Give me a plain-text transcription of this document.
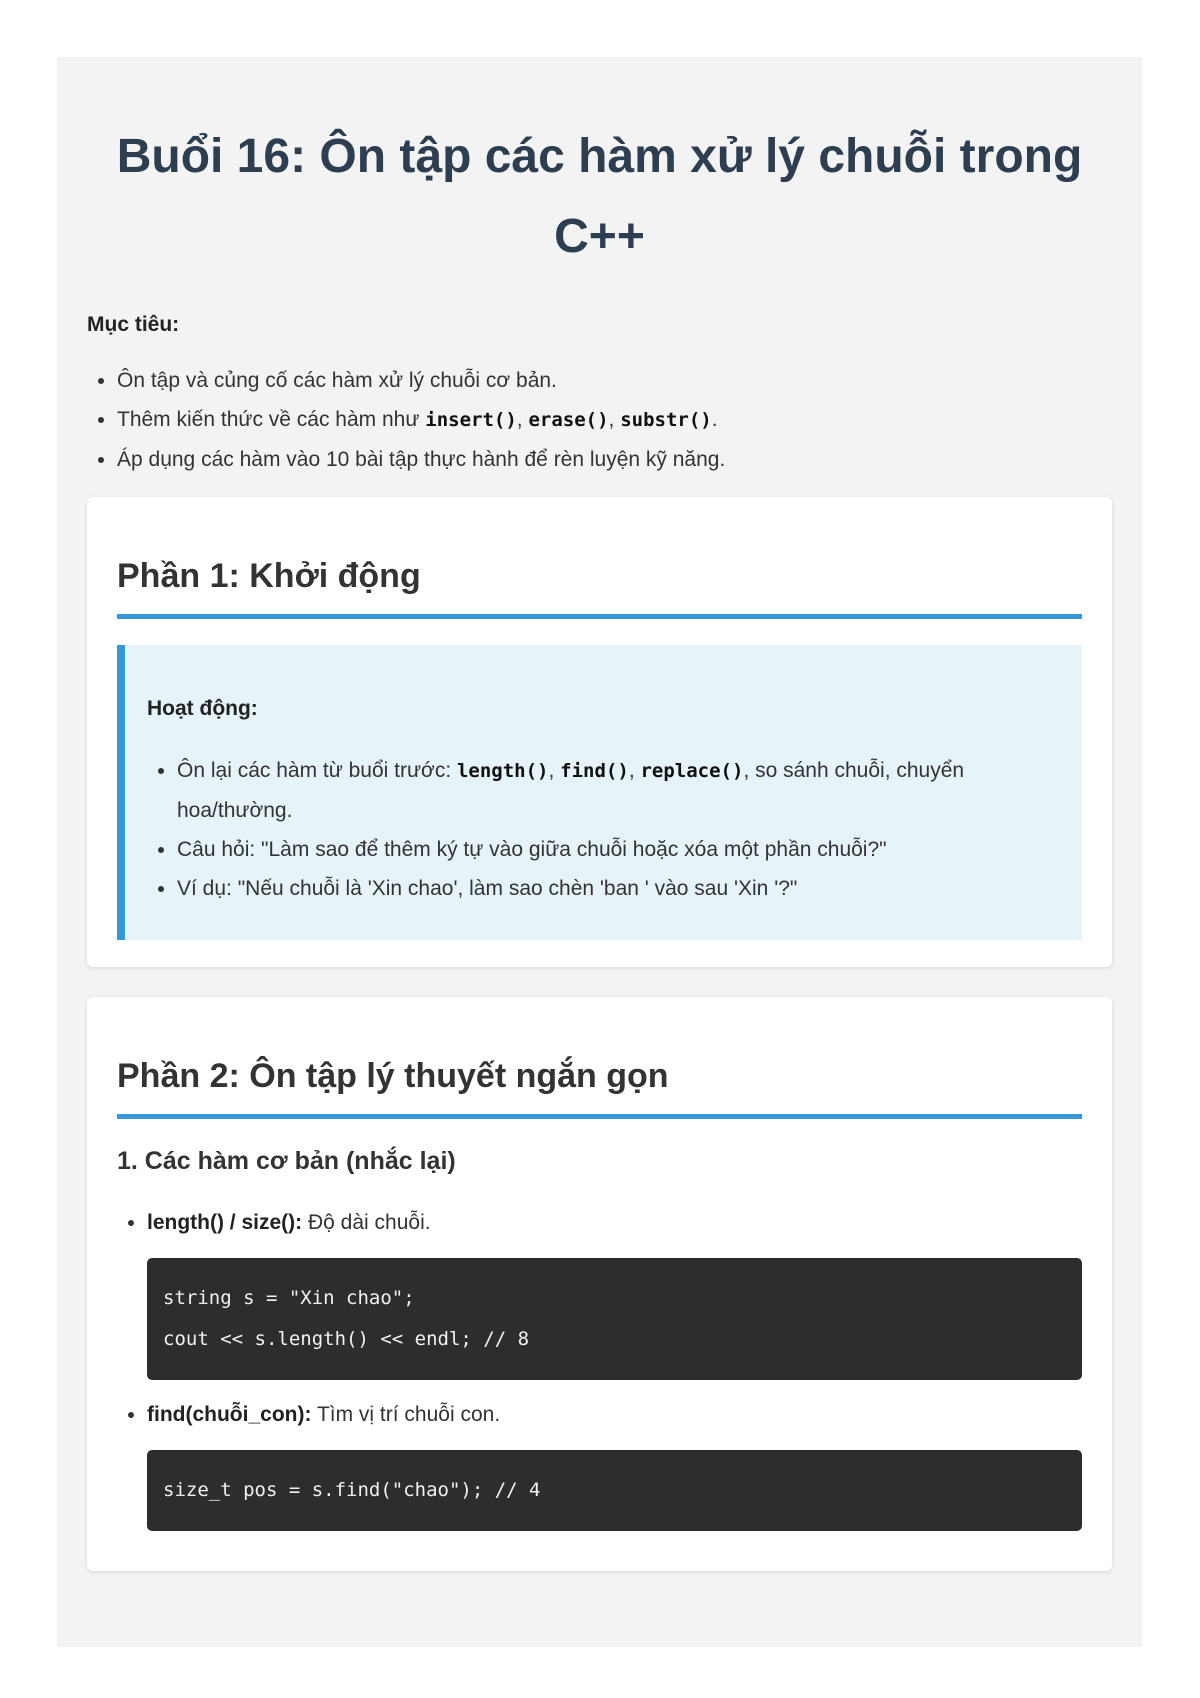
Buổi 16: Ôn tập các hàm xử lý chuỗi trong C++

Mục tiêu:

• Ôn tập và củng cố các hàm xử lý chuỗi cơ bản.
• Thêm kiến thức về các hàm như insert(), erase(), substr().
• Áp dụng các hàm vào 10 bài tập thực hành để rèn luyện kỹ năng.
Phần 1: Khởi động
Hoạt động:
• Ôn lại các hàm từ buổi trước: length(), find(), replace(), so sánh chuỗi, chuyển hoa/thường.
• Câu hỏi: "Làm sao để thêm ký tự vào giữa chuỗi hoặc xóa một phần chuỗi?"
• Ví dụ: "Nếu chuỗi là 'Xin chao', làm sao chèn 'ban ' vào sau 'Xin '?"
Phần 2: Ôn tập lý thuyết ngắn gọn
1. Các hàm cơ bản (nhắc lại)
• length() / size(): Độ dài chuỗi.
string s = "Xin chao";
cout << s.length() << endl; // 8
• find(chuỗi_con): Tìm vị trí chuỗi con.
size_t pos = s.find("chao"); // 4
